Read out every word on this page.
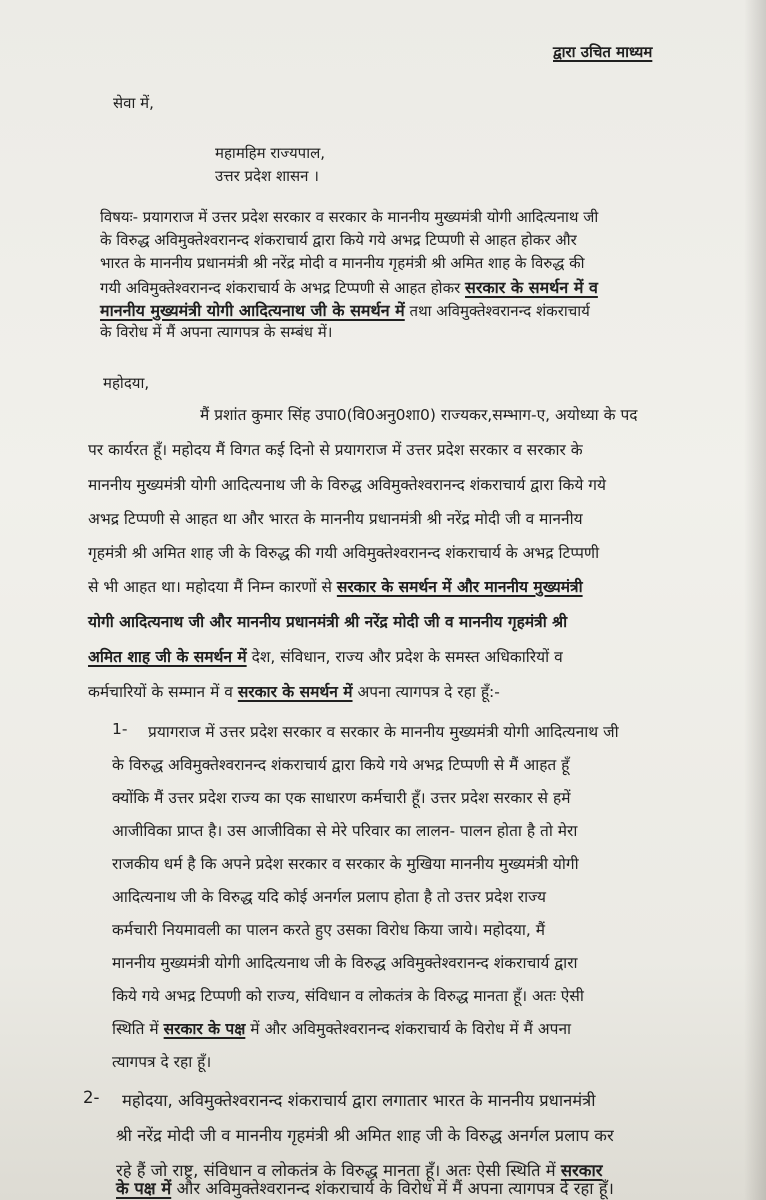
द्वारा उचित माध्यम
सेवा में,
महामहिम राज्यपाल,
उत्तर प्रदेश शासन ।
विषयः- प्रयागराज में उत्तर प्रदेश सरकार व सरकार के माननीय मुख्यमंत्री योगी आदित्यनाथ जी
के विरुद्ध अविमुक्तेश्वरानन्द शंकराचार्य द्वारा किये गये अभद्र टिप्पणी से आहत होकर और
भारत के माननीय प्रधानमंत्री श्री नरेंद्र मोदी व माननीय गृहमंत्री श्री अमित शाह के विरुद्ध की
गयी अविमुक्तेश्वरानन्द शंकराचार्य के अभद्र टिप्पणी से आहत होकर सरकार के समर्थन में व
माननीय मुख्यमंत्री योगी आदित्यनाथ जी के समर्थन में तथा अविमुक्तेश्वरानन्द शंकराचार्य
के विरोध में मैं अपना त्यागपत्र के सम्बंध में।
महोदया,
मैं प्रशांत कुमार सिंह उपा0(वि0अनु0शा0) राज्यकर,सम्भाग-ए, अयोध्या के पद
पर कार्यरत हूँ। महोदय मैं विगत कई दिनो से प्रयागराज में उत्तर प्रदेश सरकार व सरकार के
माननीय मुख्यमंत्री योगी आदित्यनाथ जी के विरुद्ध अविमुक्तेश्वरानन्द शंकराचार्य द्वारा किये गये
अभद्र टिप्पणी से आहत था और भारत के माननीय प्रधानमंत्री श्री नरेंद्र मोदी जी व माननीय
गृहमंत्री श्री अमित शाह जी के विरुद्ध की गयी अविमुक्तेश्वरानन्द शंकराचार्य के अभद्र टिप्पणी
से भी आहत था। महोदया मैं निम्न कारणों से सरकार के समर्थन में और माननीय मुख्यमंत्री
योगी आदित्यनाथ जी और माननीय प्रधानमंत्री श्री नरेंद्र मोदी जी व माननीय गृहमंत्री श्री
अमित शाह जी के समर्थन में देश, संविधान, राज्य और प्रदेश के समस्त अधिकारियों व
कर्मचारियों के सम्मान में व सरकार के समर्थन में अपना त्यागपत्र दे रहा हूँ:-
1- प्रयागराज में उत्तर प्रदेश सरकार व सरकार के माननीय मुख्यमंत्री योगी आदित्यनाथ जी
के विरुद्ध अविमुक्तेश्वरानन्द शंकराचार्य द्वारा किये गये अभद्र टिप्पणी से मैं आहत हूँ
क्योंकि मैं उत्तर प्रदेश राज्य का एक साधारण कर्मचारी हूँ। उत्तर प्रदेश सरकार से हमें
आजीविका प्राप्त है। उस आजीविका से मेरे परिवार का लालन- पालन होता है तो मेरा
राजकीय धर्म है कि अपने प्रदेश सरकार व सरकार के मुखिया माननीय मुख्यमंत्री योगी
आदित्यनाथ जी के विरुद्ध यदि कोई अनर्गल प्रलाप होता है तो उत्तर प्रदेश राज्य
कर्मचारी नियमावली का पालन करते हुए उसका विरोध किया जाये। महोदया, मैं
माननीय मुख्यमंत्री योगी आदित्यनाथ जी के विरुद्ध अविमुक्तेश्वरानन्द शंकराचार्य द्वारा
किये गये अभद्र टिप्पणी को राज्य, संविधान व लोकतंत्र के विरुद्ध मानता हूँ। अतः ऐसी
स्थिति में सरकार के पक्ष में और अविमुक्तेश्वरानन्द शंकराचार्य के विरोध में मैं अपना
त्यागपत्र दे रहा हूँ।
2- महोदया, अविमुक्तेश्वरानन्द शंकराचार्य द्वारा लगातार भारत के माननीय प्रधानमंत्री
श्री नरेंद्र मोदी जी व माननीय गृहमंत्री श्री अमित शाह जी के विरुद्ध अनर्गल प्रलाप कर
रहे हैं जो राष्ट्र, संविधान व लोकतंत्र के विरुद्ध मानता हूँ। अतः ऐसी स्थिति में सरकार
के पक्ष में और अविमुक्तेश्वरानन्द शंकराचार्य के विरोध में मैं अपना त्यागपत्र दे रहा हूँ।
